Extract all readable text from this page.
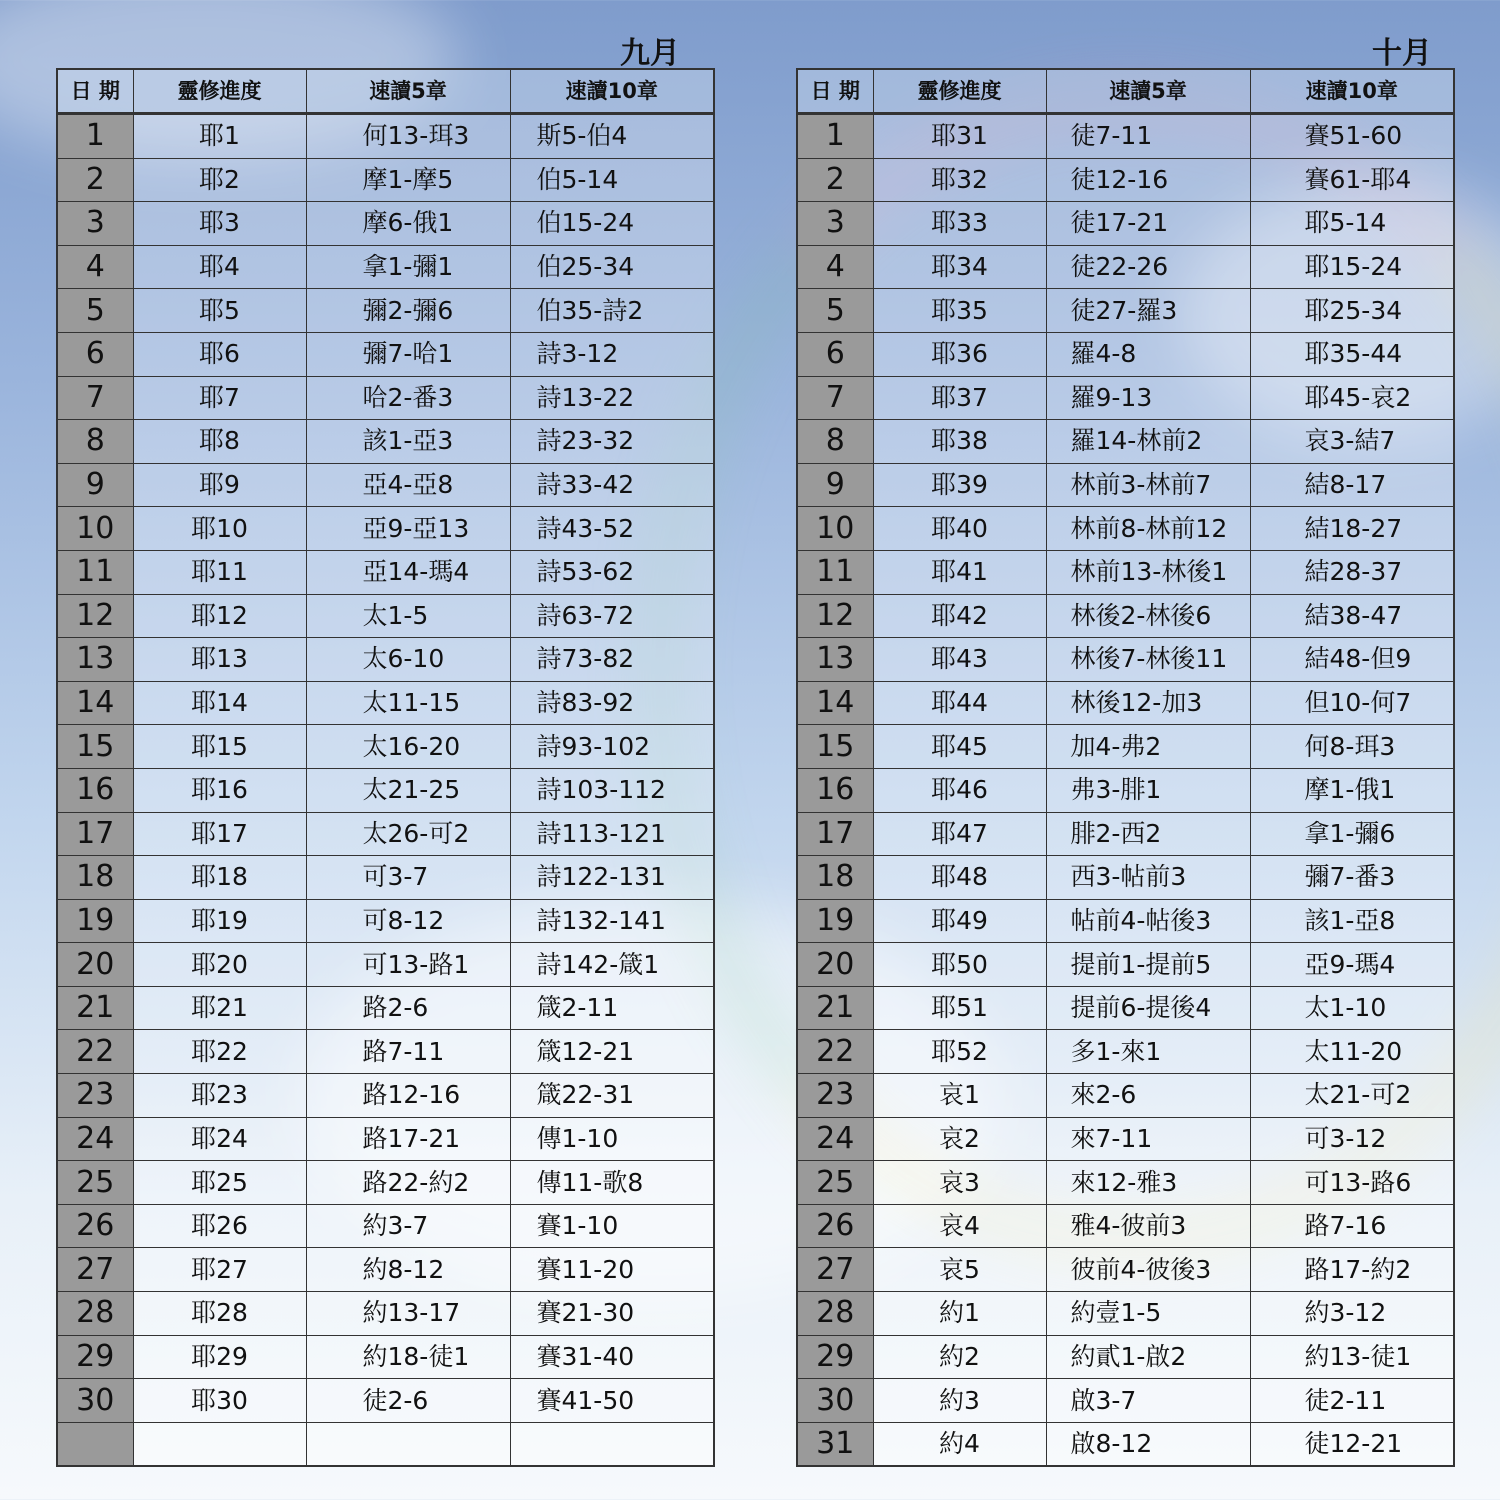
九月	十月
日 期	靈修進度	速讀5章	速讀10章
1	耶1	何13-珥3	斯5-伯4
2	耶2	摩1-摩5	伯5-14
3	耶3	摩6-俄1	伯15-24
4	耶4	拿1-彌1	伯25-34
5	耶5	彌2-彌6	伯35-詩2
6	耶6	彌7-哈1	詩3-12
7	耶7	哈2-番3	詩13-22
8	耶8	該1-亞3	詩23-32
9	耶9	亞4-亞8	詩33-42
10	耶10	亞9-亞13	詩43-52
11	耶11	亞14-瑪4	詩53-62
12	耶12	太1-5	詩63-72
13	耶13	太6-10	詩73-82
14	耶14	太11-15	詩83-92
15	耶15	太16-20	詩93-102
16	耶16	太21-25	詩103-112
17	耶17	太26-可2	詩113-121
18	耶18	可3-7	詩122-131
19	耶19	可8-12	詩132-141
20	耶20	可13-路1	詩142-箴1
21	耶21	路2-6	箴2-11
22	耶22	路7-11	箴12-21
23	耶23	路12-16	箴22-31
24	耶24	路17-21	傳1-10
25	耶25	路22-約2	傳11-歌8
26	耶26	約3-7	賽1-10
27	耶27	約8-12	賽11-20
28	耶28	約13-17	賽21-30
29	耶29	約18-徒1	賽31-40
30	耶30	徒2-6	賽41-50

日 期	靈修進度	速讀5章	速讀10章
1	耶31	徒7-11	賽51-60
2	耶32	徒12-16	賽61-耶4
3	耶33	徒17-21	耶5-14
4	耶34	徒22-26	耶15-24
5	耶35	徒27-羅3	耶25-34
6	耶36	羅4-8	耶35-44
7	耶37	羅9-13	耶45-哀2
8	耶38	羅14-林前2	哀3-結7
9	耶39	林前3-林前7	結8-17
10	耶40	林前8-林前12	結18-27
11	耶41	林前13-林後1	結28-37
12	耶42	林後2-林後6	結38-47
13	耶43	林後7-林後11	結48-但9
14	耶44	林後12-加3	但10-何7
15	耶45	加4-弗2	何8-珥3
16	耶46	弗3-腓1	摩1-俄1
17	耶47	腓2-西2	拿1-彌6
18	耶48	西3-帖前3	彌7-番3
19	耶49	帖前4-帖後3	該1-亞8
20	耶50	提前1-提前5	亞9-瑪4
21	耶51	提前6-提後4	太1-10
22	耶52	多1-來1	太11-20
23	哀1	來2-6	太21-可2
24	哀2	來7-11	可3-12
25	哀3	來12-雅3	可13-路6
26	哀4	雅4-彼前3	路7-16
27	哀5	彼前4-彼後3	路17-約2
28	約1	約壹1-5	約3-12
29	約2	約貳1-啟2	約13-徒1
30	約3	啟3-7	徒2-11
31	約4	啟8-12	徒12-21
